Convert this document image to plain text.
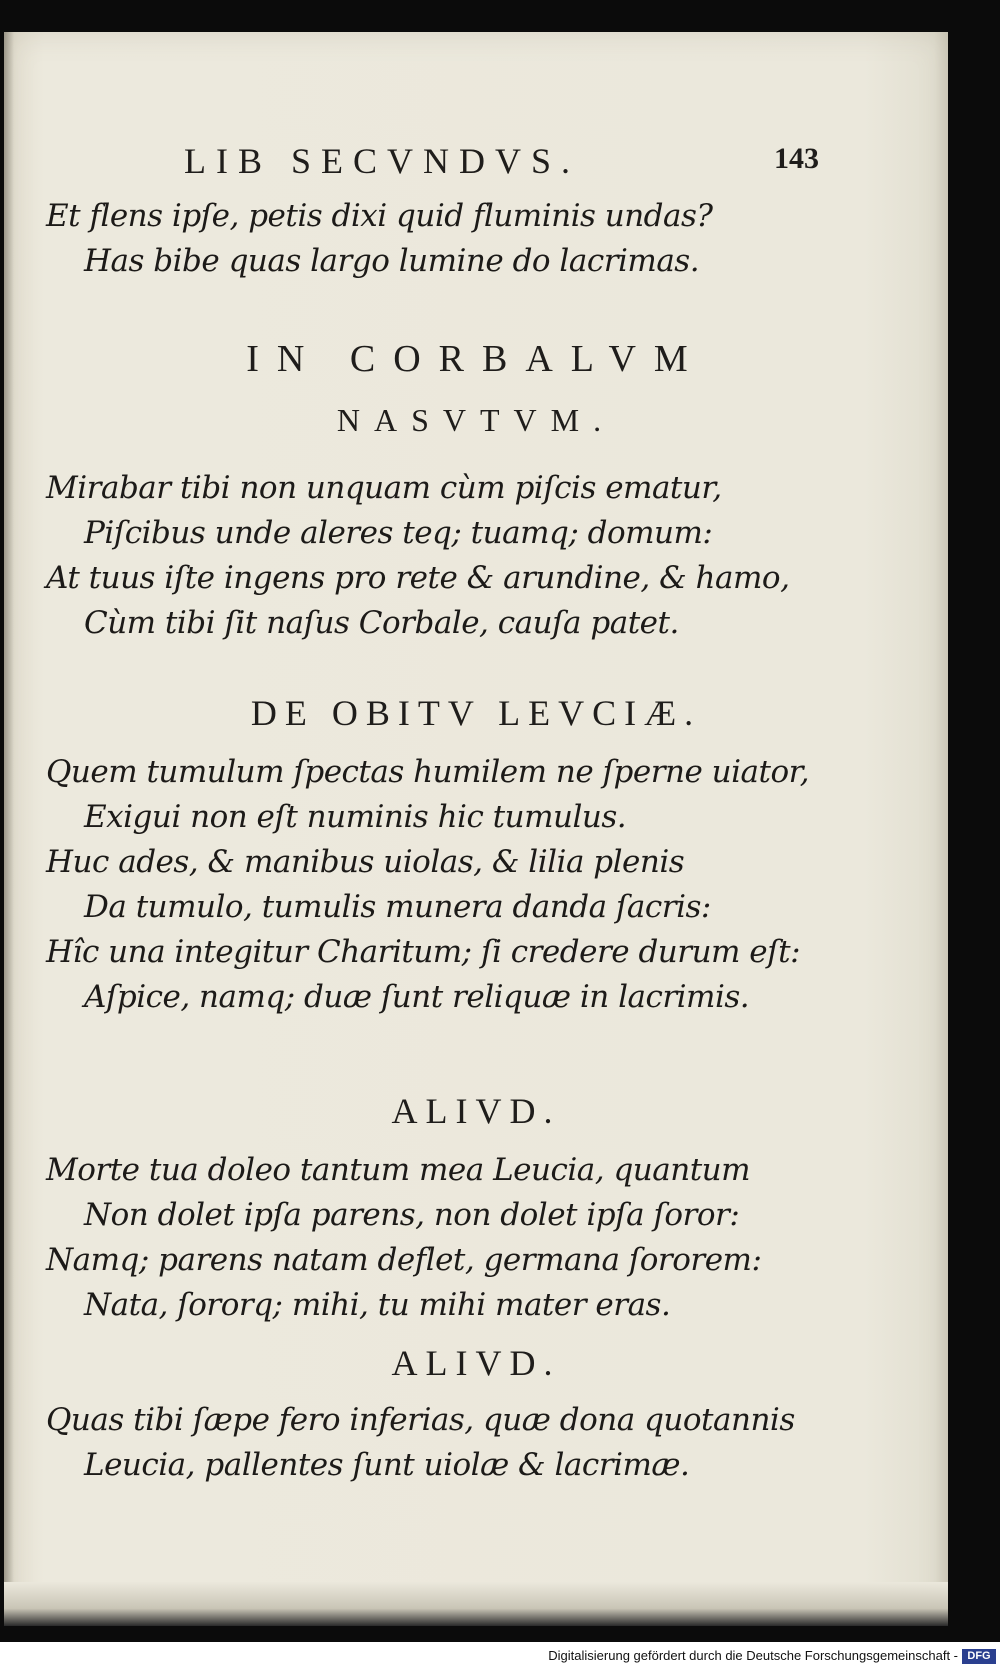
LIB SECVNDVS.	143
Et flens ipſe, petis dixi quid fluminis undas?
Has bibe quas largo lumine do lacrimas.
IN CORBALVM
NASVTVM.
Mirabar tibi non unquam cùm piſcis ematur,
Piſcibus unde aleres teq; tuamq; domum:
At tuus iſte ingens pro rete & arundine, & hamo,
Cùm tibi ſit naſus Corbale, cauſa patet.
DE OBITV LEVCIÆ.
Quem tumulum ſpectas humilem ne ſperne uiator,
Exigui non eſt numinis hic tumulus.
Huc ades, & manibus uiolas, & lilia plenis
Da tumulo, tumulis munera danda ſacris:
Hîc una integitur Charitum; ſi credere durum eſt:
Aſpice, namq; duæ ſunt reliquæ in lacrimis.
ALIVD.
Morte tua doleo tantum mea Leucia, quantum
Non dolet ipſa parens, non dolet ipſa ſoror:
Namq; parens natam deflet, germana ſororem:
Nata, ſororq; mihi, tu mihi mater eras.
ALIVD.
Quas tibi ſæpe fero inferias, quæ dona quotannis
Leucia, pallentes ſunt uiolæ & lacrimæ.
Digitalisierung gefördert durch die Deutsche Forschungsgemeinschaft - DFG
